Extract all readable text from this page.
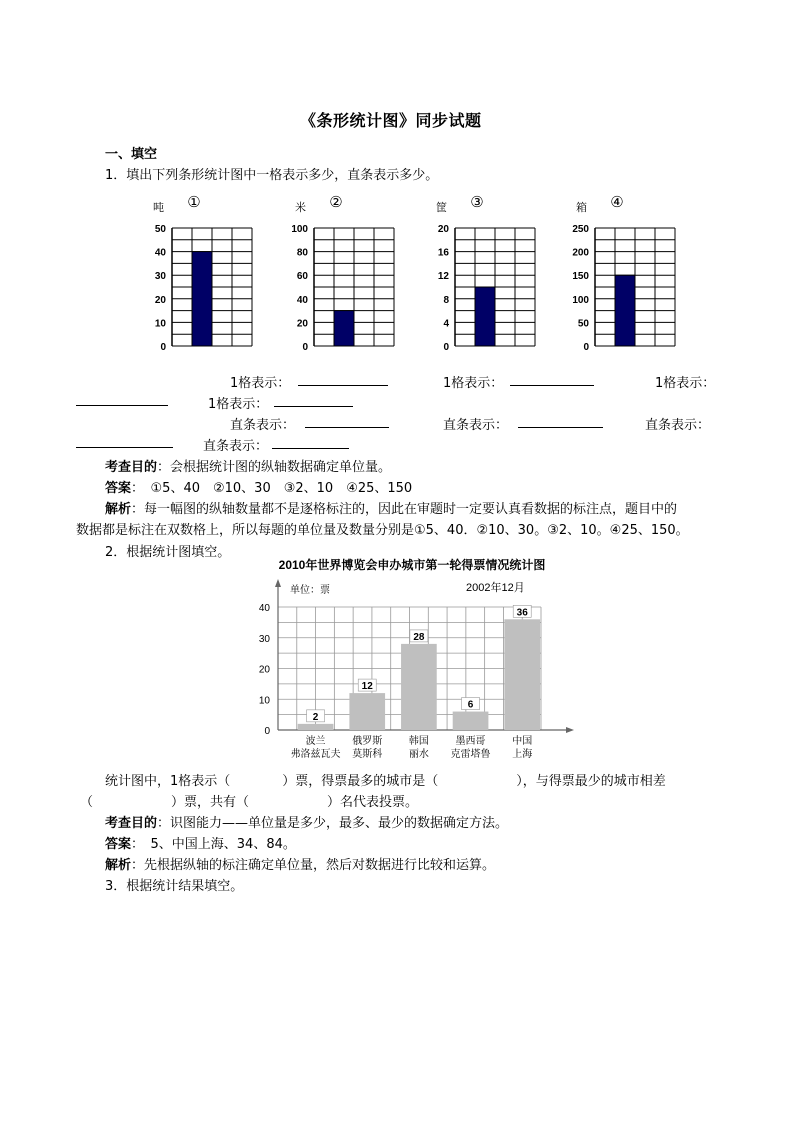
《条形统计图》同步试题
一、填空
1．填出下列条形统计图中一格表示多少，直条表示多少。
吨 ①
0
10
20
30
40
50
米 ②
0
20
40
60
80
100
筐 ③
0
4
8
12
16
20
箱 ④
0
50
100
150
200
250
1格表示：	1格表示：	1格表示：
1格表示：
直条表示：	直条表示：	直条表示：
直条表示：
考查目的：会根据统计图的纵轴数据确定单位量。
答案：　①5、40　②10、30　③2、10　④25、150
解析：每一幅图的纵轴数量都不是逐格标注的，因此在审题时一定要认真看数据的标注点，题目中的
数据都是标注在双数格上，所以每题的单位量及数量分别是①5、40．②10、30。③2、10。④25、150。
2．根据统计图填空。
2010年世界博览会申办城市第一轮得票情况统计图
单位：票	2002年12月
0
10
20
30
40
2
波兰
弗洛兹瓦夫
12
俄罗斯
莫斯科
28
韩国
丽水
6
墨西哥
克雷塔鲁
36
中国
上海
统计图中，1格表示（　　　　）票，得票最多的城市是（　　　　　　），与得票最少的城市相差
（　　　　　　）票，共有（　　　　　　）名代表投票。
考查目的：识图能力——单位量是多少，最多、最少的数据确定方法。
答案：　5、中国上海、34、84。
解析：先根据纵轴的标注确定单位量，然后对数据进行比较和运算。
3．根据统计结果填空。
